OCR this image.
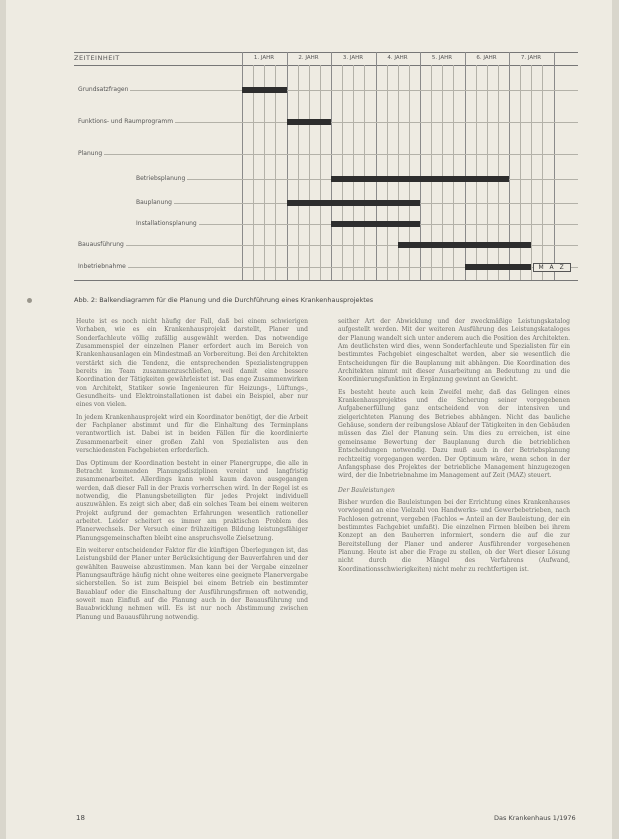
ZEITEINHEIT	1. JAHR	2. JAHR	3. JAHR	4. JAHR	5. JAHR	6. JAHR	7. JAHR
Grundsatzfragen
Funktions- und Raumprogramm
Planung
Betriebsplanung
Bauplanung
Installationsplanung
Bauausführung
Inbetriebnahme	M A Z
Abb. 2: Balkendiagramm für die Planung und die Durchführung eines Krankenhausprojektes

Heute ist es noch nicht häufig der Fall, daß bei einem schwierigen Vorhaben, wie es ein Krankenhausprojekt darstellt, Planer und Sonderfachleute völlig zufällig ausgewählt werden. Das notwendige Zusammenspiel der einzelnen Planer erfordert auch im Bereich von Krankenhausanlagen ein Mindestmaß an Vorbereitung. Bei den Architekten verstärkt sich die Tendenz, die entsprechenden Spezialistengruppen bereits im Team zusammenzuschließen, weil damit eine bessere Koordination der Tätigkeiten gewährleistet ist. Das enge Zusammenwirken von Architekt, Statiker sowie Ingenieuren für Heizungs-, Lüftungs-, Gesundheits- und Elektroinstallationen ist dabei ein Beispiel, aber nur eines von vielen.

In jedem Krankenhausprojekt wird ein Koordinator benötigt, der die Arbeit der Fachplaner abstimmt und für die Einhaltung des Terminplans verantwortlich ist. Dabei ist in beiden Fällen für die koordinierte Zusammenarbeit einer großen Zahl von Spezialisten aus den verschiedensten Fachgebieten erforderlich.

Das Optimum der Koordination besteht in einer Planergruppe, die alle in Betracht kommenden Planungsdisziplinen vereint und langfristig zusammenarbeitet. Allerdings kann wohl kaum davon ausgegangen werden, daß dieser Fall in der Praxis vorherrschen wird. In der Regel ist es notwendig, die Planungsbeteiligten für jedes Projekt individuell auszuwählen. Es zeigt sich aber, daß ein solches Team bei einem weiteren Projekt aufgrund der gemachten Erfahrungen wesentlich rationeller arbeitet. Leider scheitert es immer am praktischen Problem des Planerwechsels. Der Versuch einer frühzeitigen Bildung leistungsfähiger Planungsgemeinschaften bleibt eine anspruchsvolle Zielsetzung.

Ein weiterer entscheidender Faktor für die künftigen Überlegungen ist, das Leistungsbild der Planer unter Berücksichtigung der Bauverfahren und der gewählten Bauweise abzustimmen. Man kann bei der Vergabe einzelner Planungsaufträge häufig nicht ohne weiteres eine geeignete Planervergabe sicherstellen. So ist zum Beispiel bei einem Betrieb ein bestimmter Bauablauf oder die Einschaltung der Ausführungsfirmen oft notwendig, soweit man Einfluß auf die Planung auch in der Bauausführung und Bauabwicklung nehmen will. Es ist nur noch Abstimmung zwischen Planung und Bauausführung notwendig.

seither Art der Abwicklung und der zweckmäßige Leistungskatalog aufgestellt werden. Mit der weiteren Ausführung des Leistungskataloges der Planung wandelt sich unter anderem auch die Position des Architekten. Am deutlichsten wird dies, wenn Sonderfachleute und Spezialisten für ein bestimmtes Fachgebiet eingeschaltet werden, aber sie wesentlich die Entscheidungen für die Bauplanung mit abhängen. Die Koordination des Architekten nimmt mit dieser Ausarbeitung an Bedeutung zu und die Koordinierungsfunktion in Ergänzung gewinnt an Gewicht.

Es besteht heute auch kein Zweifel mehr, daß das Gelingen eines Krankenhausprojektes und die Sicherung seiner vorgegebenen Aufgabenerfüllung ganz entscheidend von der intensiven und zielgerichteten Planung des Betriebes abhängen. Nicht das bauliche Gehäuse, sondern der reibungslose Ablauf der Tätigkeiten in den Gebäuden müssen das Ziel der Planung sein. Um dies zu erreichen, ist eine gemeinsame Bewertung der Bauplanung durch die betrieblichen Entscheidungen notwendig. Dazu muß auch in der Betriebsplanung rechtzeitig vorgegangen werden. Der Optimum wäre, wenn schon in der Anfangsphase des Projektes der betriebliche Management hinzugezogen wird, der die Inbetriebnahme im Management auf Zeit (MAZ) steuert.

Der Bauleistungen

Bisher wurden die Bauleistungen bei der Errichtung eines Krankenhauses vorwiegend an eine Vielzahl von Handwerks- und Gewerbebetrieben, nach Fachlosen getrennt, vergeben (Fachlos = Anteil an der Bauleistung, der ein bestimmtes Fachgebiet umfaßt). Die einzelnen Firmen bleiben bei ihrem Konzept an den Bauherren informiert, sondern die auf die zur Bereitstellung der Planer und anderer Ausführender vorgesehenen Planung. Heute ist aber die Frage zu stellen, ob der Wert dieser Lösung nicht durch die Mängel des Verfahrens (Aufwand, Koordinationsschwierigkeiten) nicht mehr zu rechtfertigen ist.

18	Das Krankenhaus 1/1976
